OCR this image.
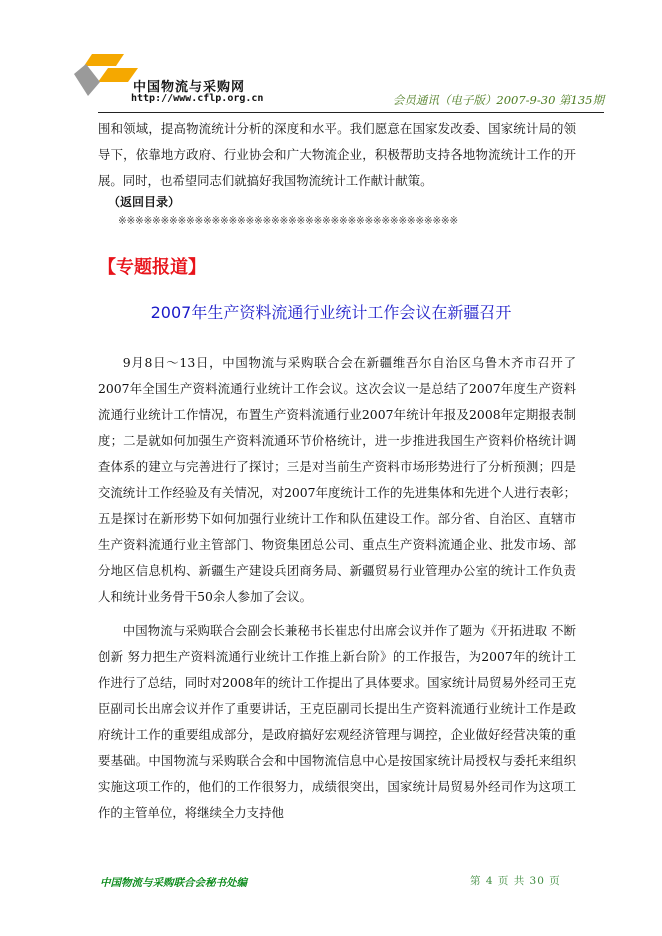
中国物流与采购网
http://www.cflp.org.cn	会员通讯（电子版）2007-9-30 第135期

围和领域，提高物流统计分析的深度和水平。我们愿意在国家发改委、国家统计局的领导下，依靠地方政府、行业协会和广大物流企业，积极帮助支持各地物流统计工作的开展。同时，也希望同志们就搞好我国物流统计工作献计献策。

（返回目录）
※※※※※※※※※※※※※※※※※※※※※※※※※※※※※※※※※※※※※※※※
【专题报道】
2007年生产资料流通行业统计工作会议在新疆召开

9月8日～13日，中国物流与采购联合会在新疆维吾尔自治区乌鲁木齐市召开了2007年全国生产资料流通行业统计工作会议。这次会议一是总结了2007年度生产资料流通行业统计工作情况，布置生产资料流通行业2007年统计年报及2008年定期报表制度；二是就如何加强生产资料流通环节价格统计，进一步推进我国生产资料价格统计调查体系的建立与完善进行了探讨；三是对当前生产资料市场形势进行了分析预测；四是交流统计工作经验及有关情况，对2007年度统计工作的先进集体和先进个人进行表彰；五是探讨在新形势下如何加强行业统计工作和队伍建设工作。部分省、自治区、直辖市生产资料流通行业主管部门、物资集团总公司、重点生产资料流通企业、批发市场、部分地区信息机构、新疆生产建设兵团商务局、新疆贸易行业管理办公室的统计工作负责人和统计业务骨干50余人参加了会议。

中国物流与采购联合会副会长兼秘书长崔忠付出席会议并作了题为《开拓进取 不断创新 努力把生产资料流通行业统计工作推上新台阶》的工作报告，为2007年的统计工作进行了总结，同时对2008年的统计工作提出了具体要求。国家统计局贸易外经司王克臣副司长出席会议并作了重要讲话，王克臣副司长提出生产资料流通行业统计工作是政府统计工作的重要组成部分，是政府搞好宏观经济管理与调控，企业做好经营决策的重要基础。中国物流与采购联合会和中国物流信息中心是按国家统计局授权与委托来组织实施这项工作的，他们的工作很努力，成绩很突出，国家统计局贸易外经司作为这项工作的主管单位，将继续全力支持他

中国物流与采购联合会秘书处编	第 4 页 共 30 页
